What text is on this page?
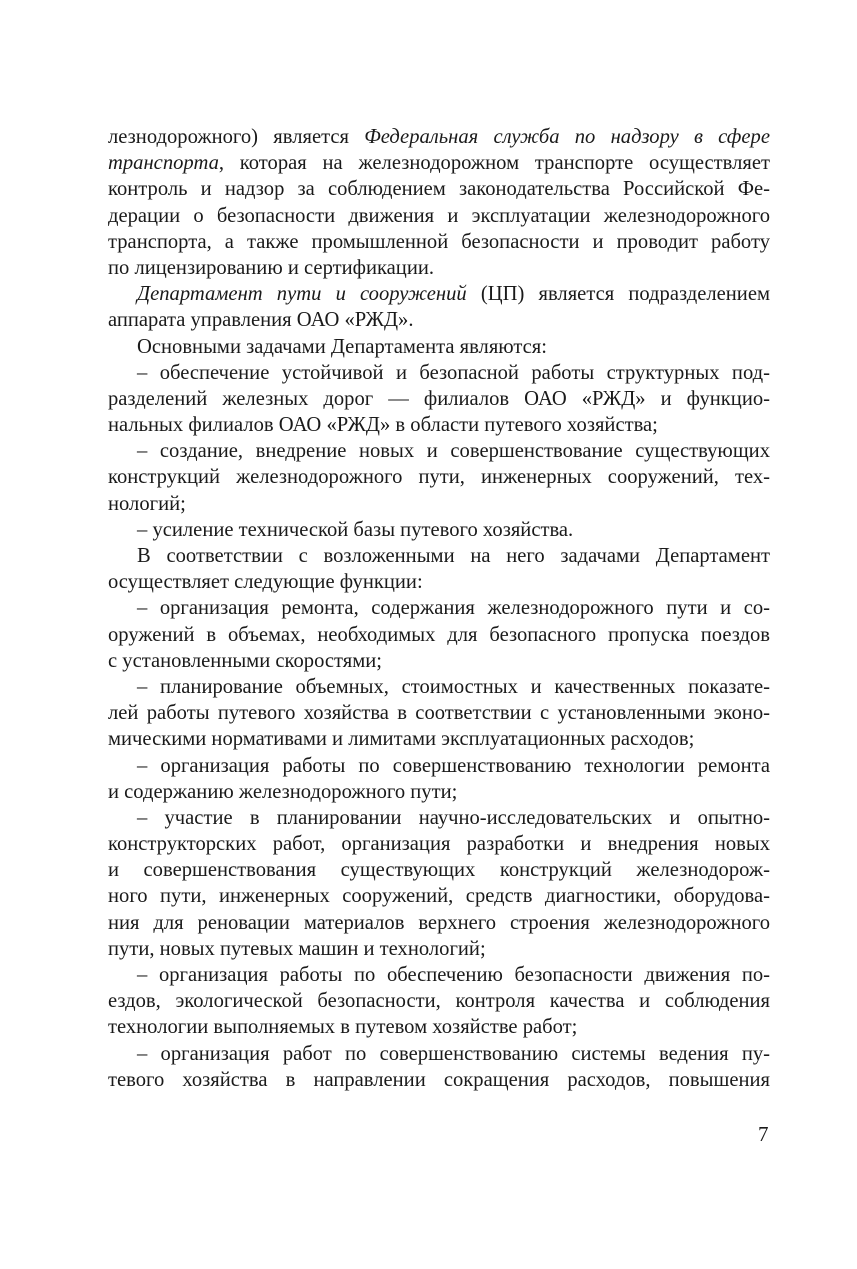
лезнодорожного) является Федеральная служба по надзору в сфере
транспорта, которая на железнодорожном транспорте осуществляет
контроль и надзор за соблюдением законодательства Российской Фе-
дерации о безопасности движения и эксплуатации железнодорожного
транспорта, а также промышленной безопасности и проводит работу
по лицензированию и сертификации.
Департамент пути и сооружений (ЦП) является подразделением
аппарата управления ОАО «РЖД».
Основными задачами Департамента являются:
– обеспечение устойчивой и безопасной работы структурных под-
разделений железных дорог — филиалов ОАО «РЖД» и функцио-
нальных филиалов ОАО «РЖД» в области путевого хозяйства;
– создание, внедрение новых и совершенствование существующих
конструкций железнодорожного пути, инженерных сооружений, тех-
нологий;
– усиление технической базы путевого хозяйства.
В соответствии с возложенными на него задачами Департамент
осуществляет следующие функции:
– организация ремонта, содержания железнодорожного пути и со-
оружений в объемах, необходимых для безопасного пропуска поездов
с установленными скоростями;
– планирование объемных, стоимостных и качественных показате-
лей работы путевого хозяйства в соответствии с установленными эконо-
мическими нормативами и лимитами эксплуатационных расходов;
– организация работы по совершенствованию технологии ремонта
и содержанию железнодорожного пути;
– участие в планировании научно-исследовательских и опытно-
конструкторских работ, организация разработки и внедрения новых
и совершенствования существующих конструкций железнодорож-
ного пути, инженерных сооружений, средств диагностики, оборудова-
ния для реновации материалов верхнего строения железнодорожного
пути, новых путевых машин и технологий;
– организация работы по обеспечению безопасности движения по-
ездов, экологической безопасности, контроля качества и соблюдения
технологии выполняемых в путевом хозяйстве работ;
– организация работ по совершенствованию системы ведения пу-
тевого хозяйства в направлении сокращения расходов, повышения
7
